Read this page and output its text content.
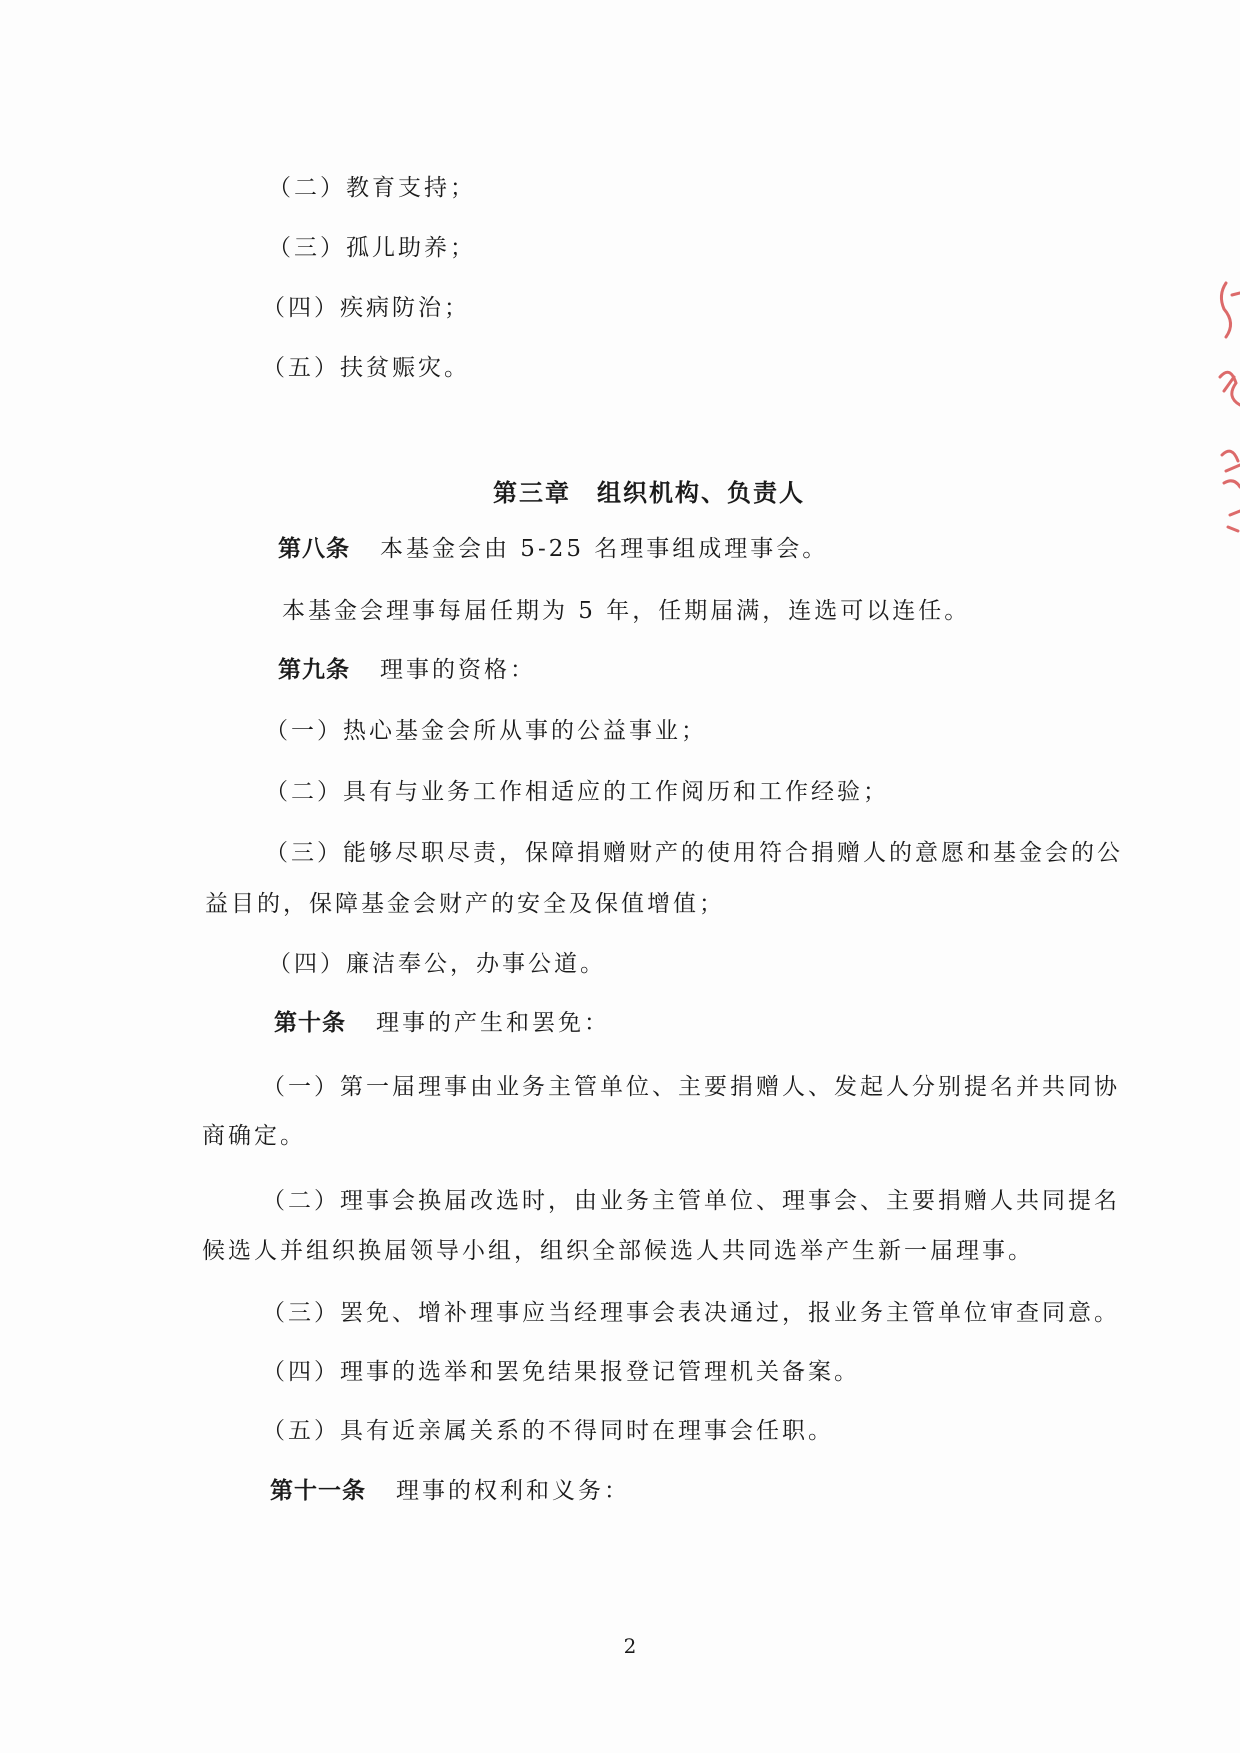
（二）教育支持；
（三）孤儿助养；
（四）疾病防治；
（五）扶贫赈灾。
第三章　组织机构、负责人
第八条 本基金会由 5-25 名理事组成理事会。
本基金会理事每届任期为 5 年，任期届满，连选可以连任。
第九条 理事的资格：
（一）热心基金会所从事的公益事业；
（二）具有与业务工作相适应的工作阅历和工作经验；
（三）能够尽职尽责，保障捐赠财产的使用符合捐赠人的意愿和基金会的公
益目的，保障基金会财产的安全及保值增值；
（四）廉洁奉公，办事公道。
第十条 理事的产生和罢免：
（一）第一届理事由业务主管单位、主要捐赠人、发起人分别提名并共同协
商确定。
（二）理事会换届改选时，由业务主管单位、理事会、主要捐赠人共同提名
候选人并组织换届领导小组，组织全部候选人共同选举产生新一届理事。
（三）罢免、增补理事应当经理事会表决通过，报业务主管单位审查同意。
（四）理事的选举和罢免结果报登记管理机关备案。
（五）具有近亲属关系的不得同时在理事会任职。
第十一条 理事的权利和义务：
2
